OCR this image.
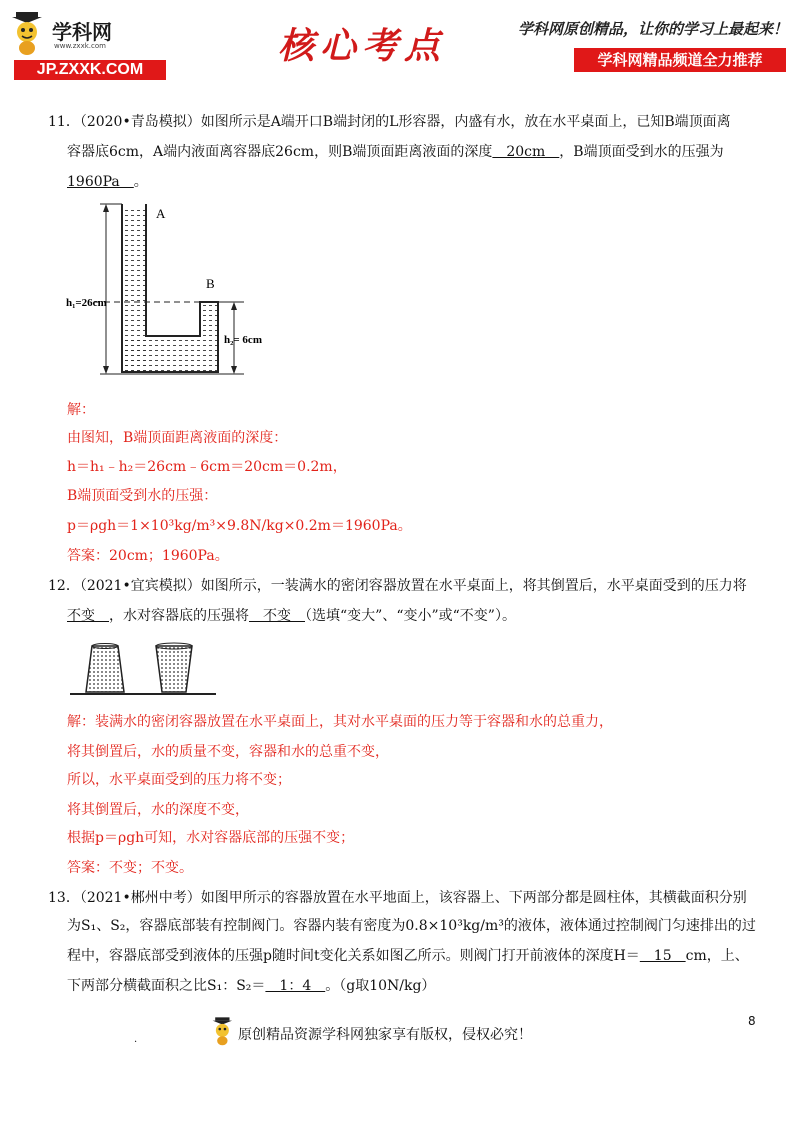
学科网
www.zxxk.com
JP.ZXXK.COM
核心考点	学科网原创精品，让你的学习上最起来！
学科网精品频道全力推荐
11．（2020•青岛模拟）如图所示是A端开口B端封闭的L形容器，内盛有水，放在水平桌面上，已知B端顶面离
容器底6cm，A端内液面离容器底26cm，则B端顶面距离液面的深度　20cm　，B端顶面受到水的压强为
1960Pa　。
A
B
h₁=26cm
h₂= 6cm
解：
由图知，B端顶面距离液面的深度：
h＝h₁﹣h₂＝26cm﹣6cm＝20cm＝0.2m，
B端顶面受到水的压强：
p＝ρgh＝1×10³kg/m³×9.8N/kg×0.2m＝1960Pa。
答案：20cm；1960Pa。
12．（2021•宜宾模拟）如图所示，一装满水的密闭容器放置在水平桌面上，将其倒置后，水平桌面受到的压力将
不变　，水对容器底的压强将　不变　（选填“变大”、“变小”或“不变”）。
解：装满水的密闭容器放置在水平桌面上，其对水平桌面的压力等于容器和水的总重力，
将其倒置后，水的质量不变，容器和水的总重不变，
所以，水平桌面受到的压力将不变；
将其倒置后，水的深度不变，
根据p＝ρgh可知，水对容器底部的压强不变；
答案：不变；不变。
13．（2021•郴州中考）如图甲所示的容器放置在水平地面上，该容器上、下两部分都是圆柱体，其横截面积分别
为S₁、S₂，容器底部装有控制阀门。容器内装有密度为0.8×10³kg/m³的液体，液体通过控制阀门匀速排出的过
程中，容器底部受到液体的压强p随时间t变化关系如图乙所示。则阀门打开前液体的深度H＝　15　cm，上、
下两部分横截面积之比S₁：S₂＝　1：4　。（g取10N/kg）
原创精品资源学科网独家享有版权，侵权必究！
8
.
